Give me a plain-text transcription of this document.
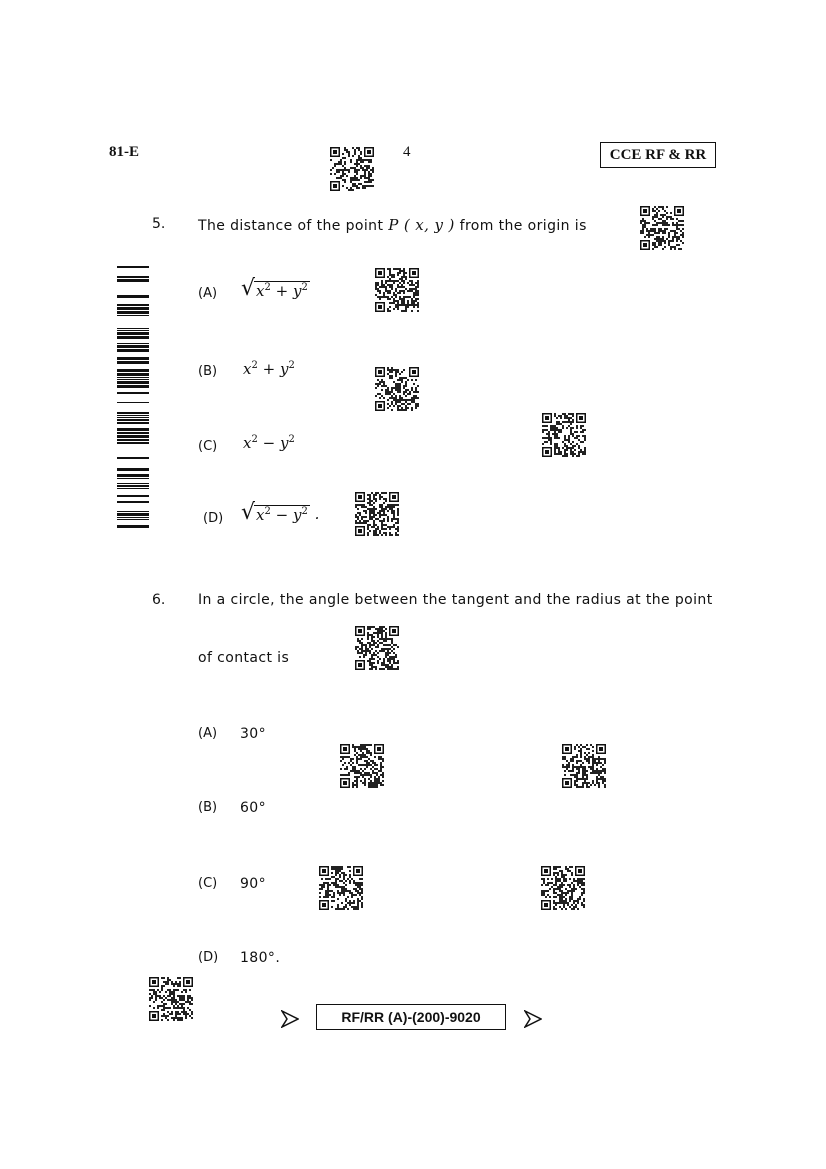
81-E	4	CCE RF & RR
5. The distance of the point P ( x, y ) from the origin is
(A) √ $x^2 + y^2$
(B) $x^2 + y^2$
(C) $x^2 - y^2$
(D) √ $x^2 - y^2$ .
6. In a circle, the angle between the tangent and the radius at the point
of contact is
(A) 30°
(B) 60°
(C) 90°
(D) 180°.
RF/RR (A)-(200)-9020
